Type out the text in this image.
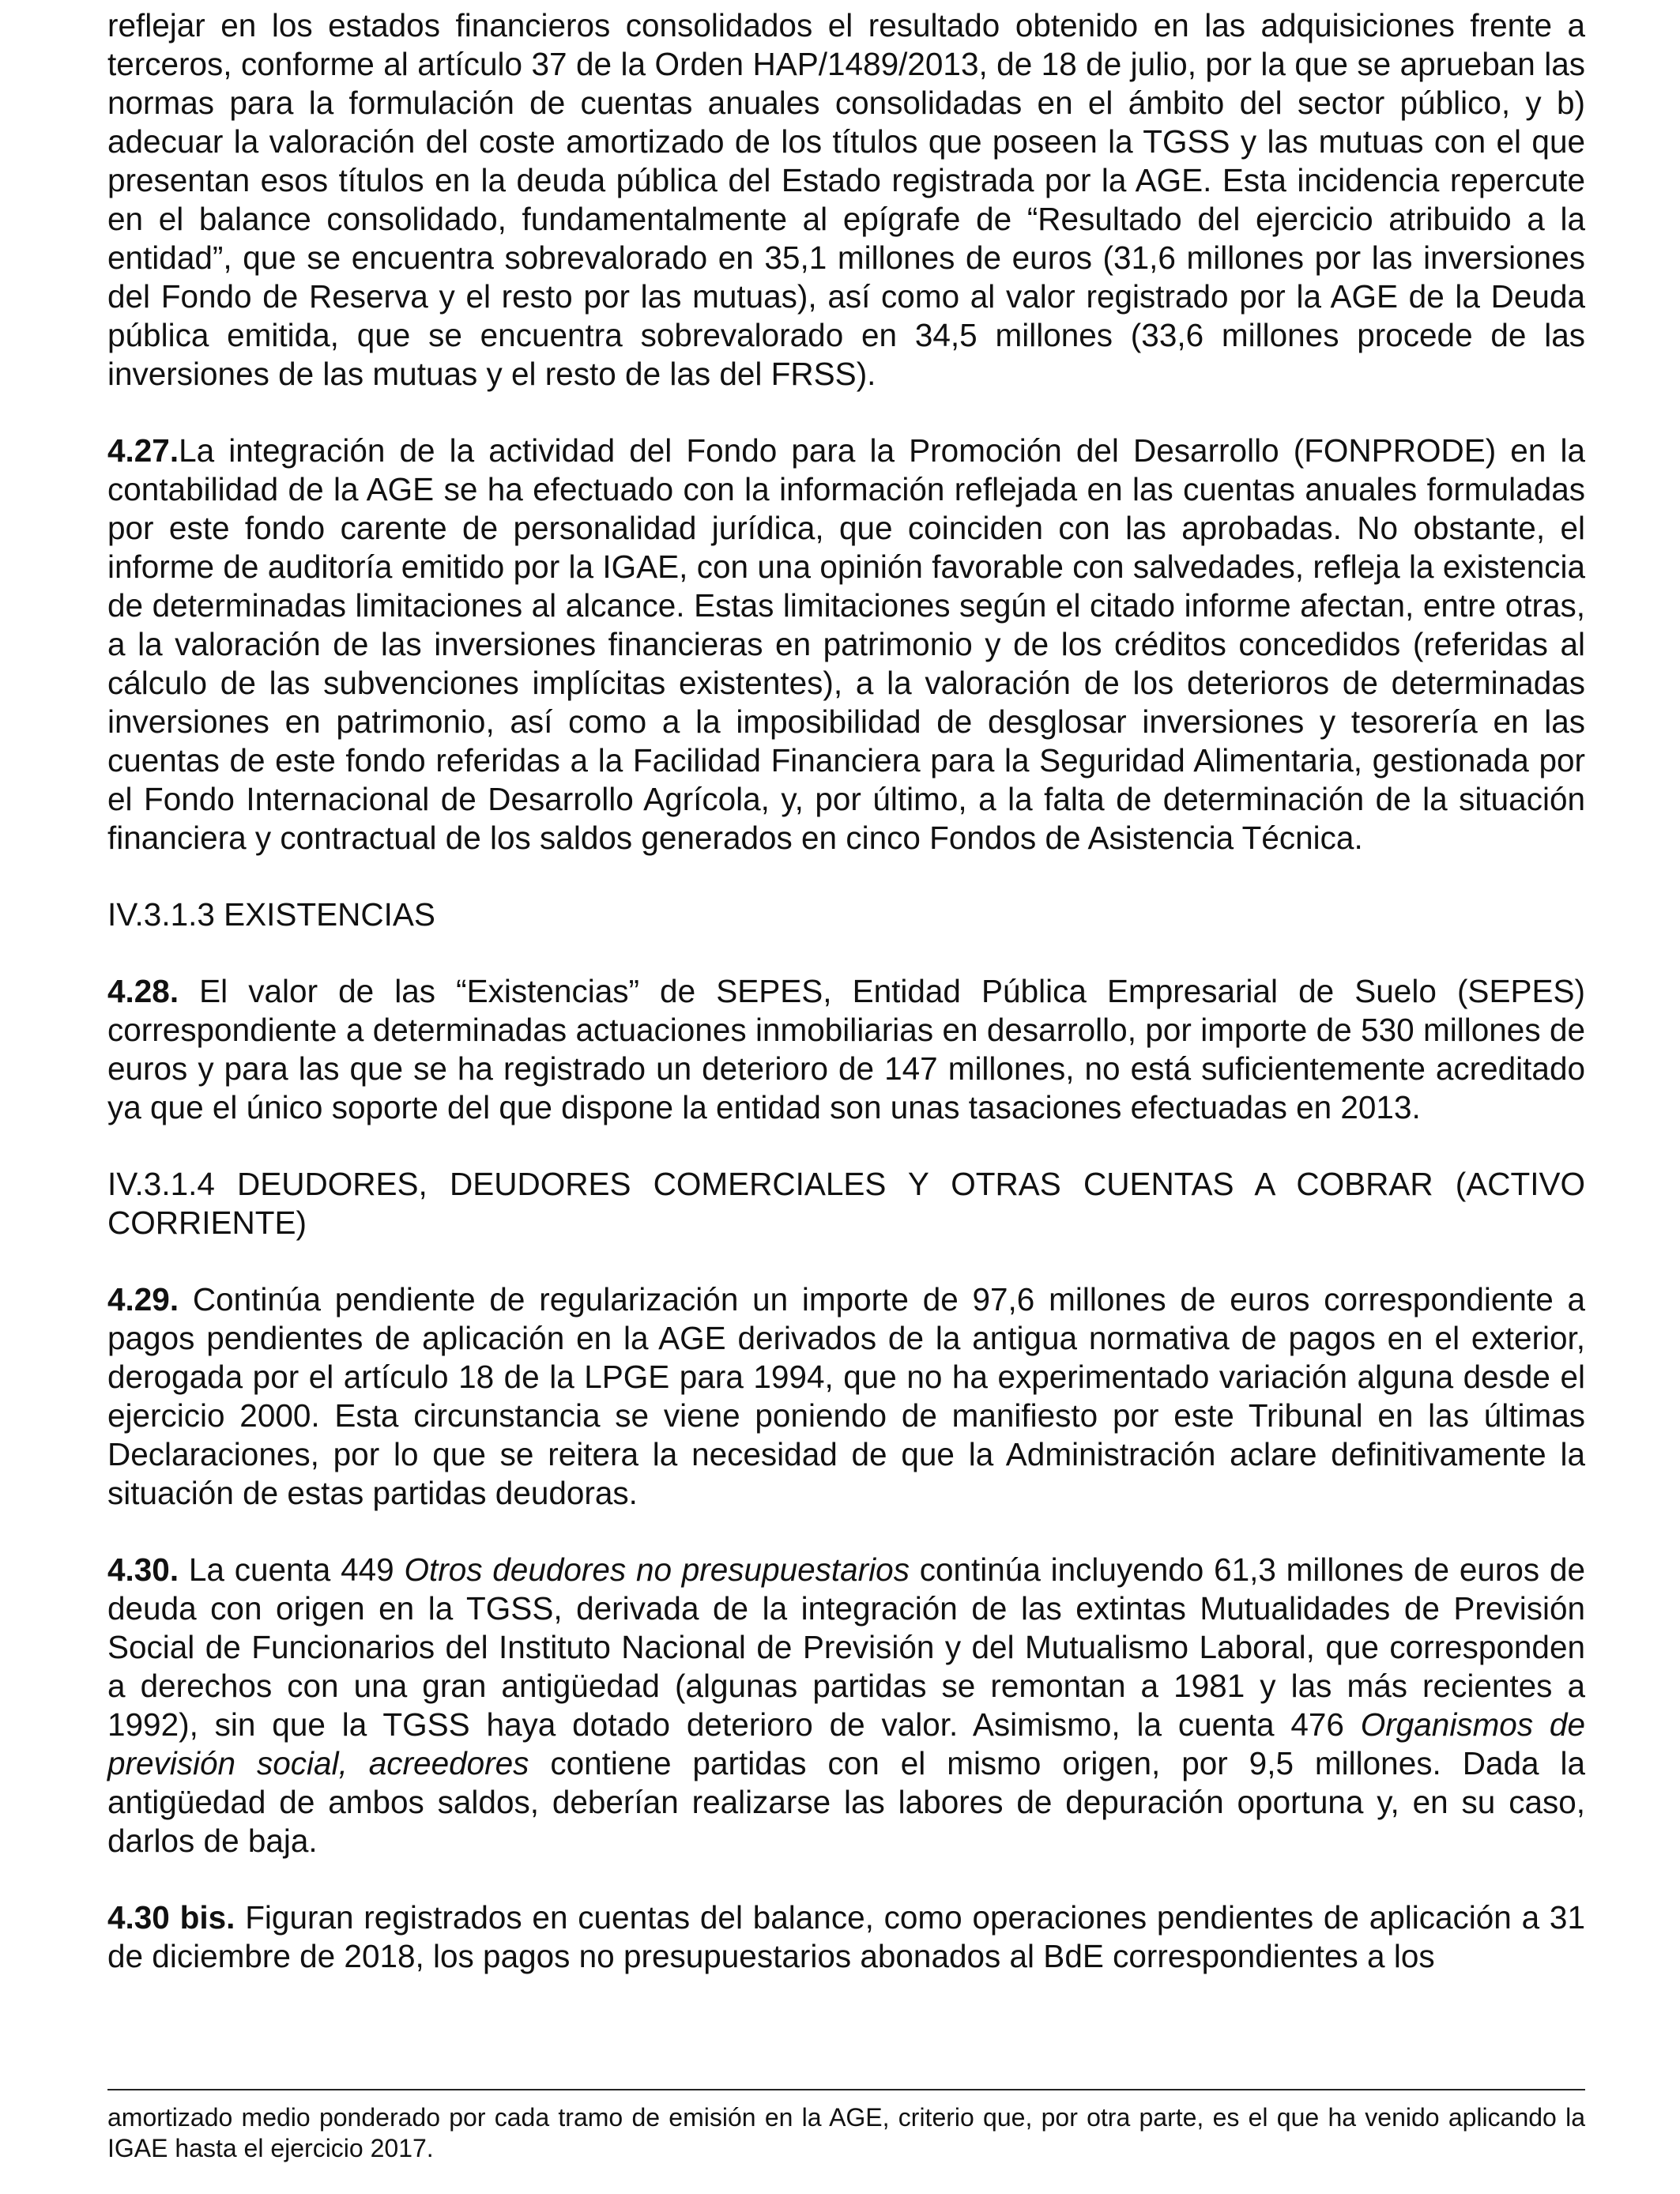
reflejar en los estados financieros consolidados el resultado obtenido en las adquisiciones frente a terceros, conforme al artículo 37 de la Orden HAP/1489/2013, de 18 de julio, por la que se aprueban las normas para la formulación de cuentas anuales consolidadas en el ámbito del sector público, y b) adecuar la valoración del coste amortizado de los títulos que poseen la TGSS y las mutuas con el que presentan esos títulos en la deuda pública del Estado registrada por la AGE. Esta incidencia repercute en el balance consolidado, fundamentalmente al epígrafe de “Resultado del ejercicio atribuido a la entidad”, que se encuentra sobrevalorado en 35,1 millones de euros (31,6 millones por las inversiones del Fondo de Reserva y el resto por las mutuas), así como al valor registrado por la AGE de la Deuda pública emitida, que se encuentra sobrevalorado en 34,5 millones (33,6 millones procede de las inversiones de las mutuas y el resto de las del FRSS).

4.27.La integración de la actividad del Fondo para la Promoción del Desarrollo (FONPRODE) en la contabilidad de la AGE se ha efectuado con la información reflejada en las cuentas anuales formuladas por este fondo carente de personalidad jurídica, que coinciden con las aprobadas. No obstante, el informe de auditoría emitido por la IGAE, con una opinión favorable con salvedades, refleja la existencia de determinadas limitaciones al alcance. Estas limitaciones según el citado informe afectan, entre otras, a la valoración de las inversiones financieras en patrimonio y de los créditos concedidos (referidas al cálculo de las subvenciones implícitas existentes), a la valoración de los deterioros de determinadas inversiones en patrimonio, así como a la imposibilidad de desglosar inversiones y tesorería en las cuentas de este fondo referidas a la Facilidad Financiera para la Seguridad Alimentaria, gestionada por el Fondo Internacional de Desarrollo Agrícola, y, por último, a la falta de determinación de la situación financiera y contractual de los saldos generados en cinco Fondos de Asistencia Técnica.

IV.3.1.3 EXISTENCIAS

4.28. El valor de las “Existencias” de SEPES, Entidad Pública Empresarial de Suelo (SEPES) correspondiente a determinadas actuaciones inmobiliarias en desarrollo, por importe de 530 millones de euros y para las que se ha registrado un deterioro de 147 millones, no está suficientemente acreditado ya que el único soporte del que dispone la entidad son unas tasaciones efectuadas en 2013.

IV.3.1.4 DEUDORES, DEUDORES COMERCIALES Y OTRAS CUENTAS A COBRAR (ACTIVO CORRIENTE)

4.29. Continúa pendiente de regularización un importe de 97,6 millones de euros correspondiente a pagos pendientes de aplicación en la AGE derivados de la antigua normativa de pagos en el exterior, derogada por el artículo 18 de la LPGE para 1994, que no ha experimentado variación alguna desde el ejercicio 2000. Esta circunstancia se viene poniendo de manifiesto por este Tribunal en las últimas Declaraciones, por lo que se reitera la necesidad de que la Administración aclare definitivamente la situación de estas partidas deudoras.

4.30. La cuenta 449 Otros deudores no presupuestarios continúa incluyendo 61,3 millones de euros de deuda con origen en la TGSS, derivada de la integración de las extintas Mutualidades de Previsión Social de Funcionarios del Instituto Nacional de Previsión y del Mutualismo Laboral, que corresponden a derechos con una gran antigüedad (algunas partidas se remontan a 1981 y las más recientes a 1992), sin que la TGSS haya dotado deterioro de valor. Asimismo, la cuenta 476 Organismos de previsión social, acreedores contiene partidas con el mismo origen, por 9,5 millones. Dada la antigüedad de ambos saldos, deberían realizarse las labores de depuración oportuna y, en su caso, darlos de baja.

4.30 bis. Figuran registrados en cuentas del balance, como operaciones pendientes de aplicación a 31 de diciembre de 2018, los pagos no presupuestarios abonados al BdE correspondientes a los

amortizado medio ponderado por cada tramo de emisión en la AGE, criterio que, por otra parte, es el que ha venido aplicando la IGAE hasta el ejercicio 2017.
